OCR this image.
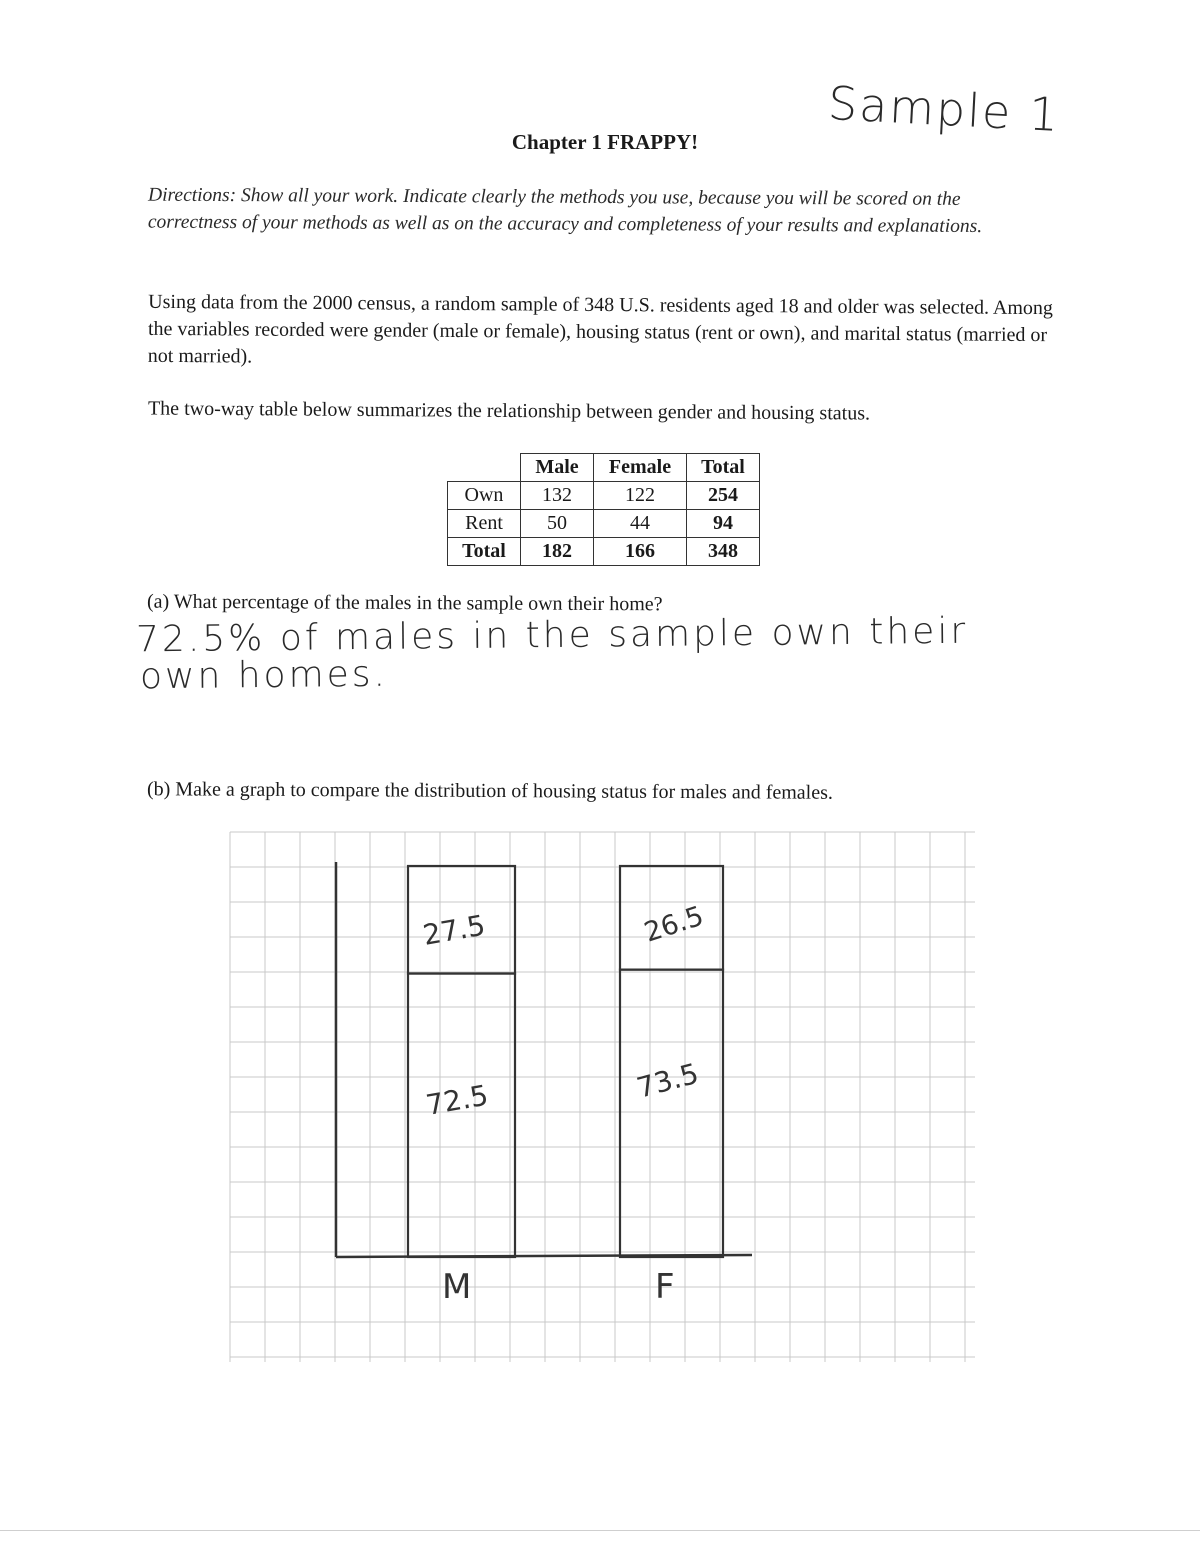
Sample 1
Chapter 1 FRAPPY!
Directions: Show all your work. Indicate clearly the methods you use, because you will be scored on the correctness of your methods as well as on the accuracy and completeness of your results and explanations.
Using data from the 2000 census, a random sample of 348 U.S. residents aged 18 and older was selected. Among the variables recorded were gender (male or female), housing status (rent or own), and marital status (married or not married).
The two-way table below summarizes the relationship between gender and housing status.
	Male	Female	Total
Own	132	122	254
Rent	50	44	94
Total	182	166	348
(a) What percentage of the males in the sample own their home?
72.5% of males in the sample own their
own homes.
(b) Make a graph to compare the distribution of housing status for males and females.
27.5
72.5
26.5
73.5
M	F
